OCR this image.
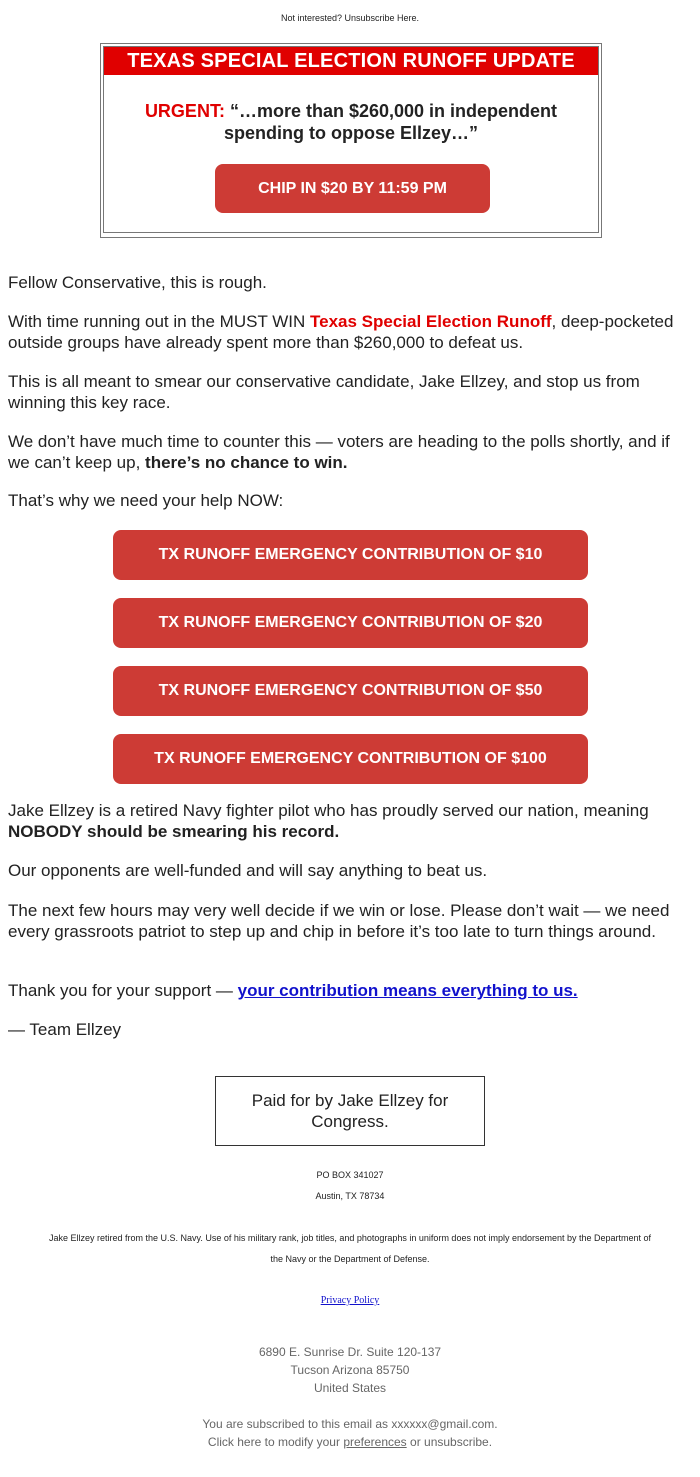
Not interested? Unsubscribe Here.
TEXAS SPECIAL ELECTION RUNOFF UPDATE
URGENT: “…more than $260,000 in independent
spending to oppose Ellzey…”
CHIP IN $20 BY 11:59 PM
Fellow Conservative, this is rough.
With time running out in the MUST WIN Texas Special Election Runoff, deep-pocketed outside groups have already spent more than $260,000 to defeat us.
This is all meant to smear our conservative candidate, Jake Ellzey, and stop us from winning this key race.
We don’t have much time to counter this — voters are heading to the polls shortly, and if we can’t keep up, there’s no chance to win.
That’s why we need your help NOW:
TX RUNOFF EMERGENCY CONTRIBUTION OF $10
TX RUNOFF EMERGENCY CONTRIBUTION OF $20
TX RUNOFF EMERGENCY CONTRIBUTION OF $50
TX RUNOFF EMERGENCY CONTRIBUTION OF $100
Jake Ellzey is a retired Navy fighter pilot who has proudly served our nation, meaning NOBODY should be smearing his record.
Our opponents are well-funded and will say anything to beat us.
The next few hours may very well decide if we win or lose. Please don’t wait — we need every grassroots patriot to step up and chip in before it’s too late to turn things around.
Thank you for your support — your contribution means everything to us.
— Team Ellzey
Paid for by Jake Ellzey for Congress.
PO BOX 341027
Austin, TX 78734
Jake Ellzey retired from the U.S. Navy. Use of his military rank, job titles, and photographs in uniform does not imply endorsement by the Department of
the Navy or the Department of Defense.
Privacy Policy
6890 E. Sunrise Dr. Suite 120-137
Tucson Arizona 85750
United States
You are subscribed to this email as xxxxxx@gmail.com.
Click here to modify your preferences or unsubscribe.
